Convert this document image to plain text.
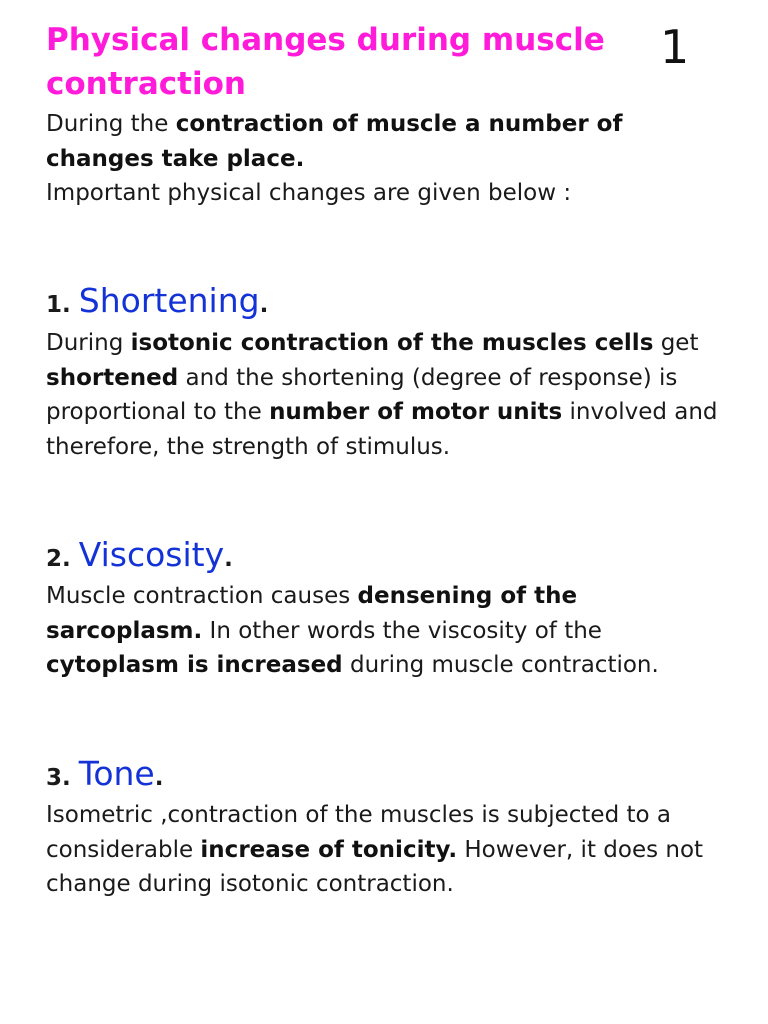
Physical changes during muscle contraction
1

During the contraction of muscle a number of changes take place.
Important physical changes are given below :

1. Shortening.

During isotonic contraction of the muscles cells get shortened and the shortening (degree of response) is proportional to the number of motor units involved and therefore, the strength of stimulus.

2. Viscosity.

Muscle contraction causes densening of the sarcoplasm. In other words the viscosity of the cytoplasm is increased during muscle contraction.

3. Tone.

Isometric ,contraction of the muscles is subjected to a considerable increase of tonicity. However, it does not change during isotonic contraction.
